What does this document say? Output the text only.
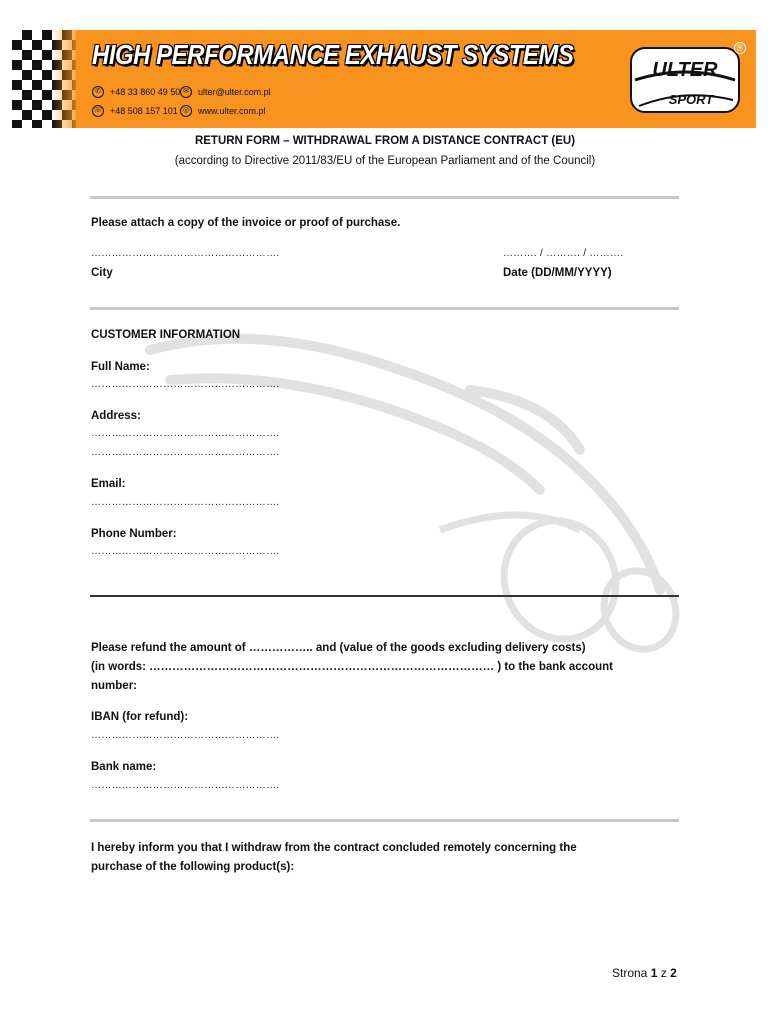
HIGH PERFORMANCE EXHAUST SYSTEMS
✆	+48 33 860 49 50 ✉	ulter@ulter.com.pl
☏ +48 508 157 101 ◎ www.ulter.com.pl
ULTER
SPORT
®
RETURN FORM – WITHDRAWAL FROM A DISTANCE CONTRACT (EU)
(according to Directive 2011/83/EU of the European Parliament and of the Council)
Please attach a copy of the invoice or proof of purchase.
……………………………………………….	………. / ………. / ……….
City	Date (DD/MM/YYYY)
CUSTOMER INFORMATION
Full Name:
……………………………………………….
Address:
……………………………………………….
……………………………………………….
Email:
……………………………………………….
Phone Number:
……………………………………………….
Please refund the amount of …………….. and (value of the goods excluding delivery costs)
(in words: ……………………………………………………………………………… ) to the bank account
number:
IBAN (for refund):
……………………………………………….
Bank name:
……………………………………………….
I hereby inform you that I withdraw from the contract concluded remotely concerning the
purchase of the following product(s):
Strona 1 z 2
